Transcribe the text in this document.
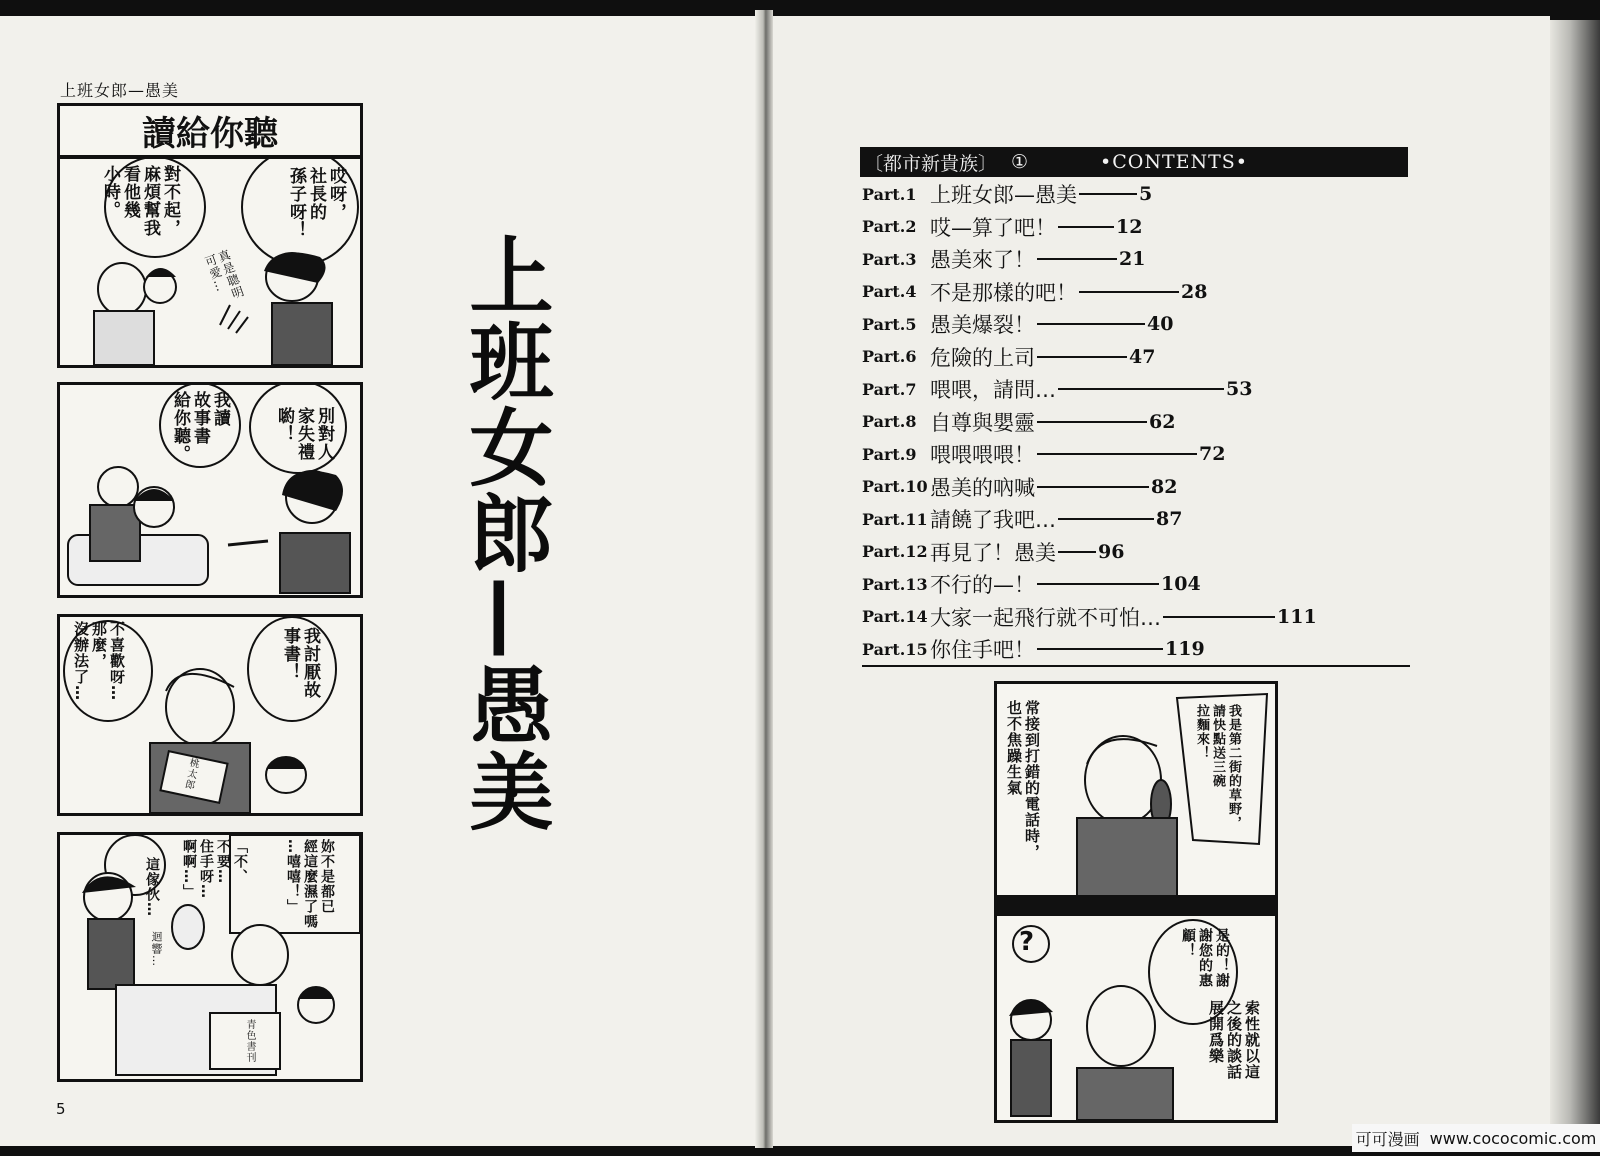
上班女郎—愚美
讀給你聽
哎呀，
社長的
孫子呀！
對不起，
麻煩幫我
看他幾
小時。
真是聰明
可愛…
別對人
家失禮
喲！
我讀
故事書
給你聽。
我討厭故
事書！
不喜歡呀…
那麼，
沒辦法了…
桃太郎
妳不是都已
經這麼濕了嗎
…嘻嘻！」
「不、
不要…
住手呀…
啊啊…」
這傢伙…
迴響…
青色書刊
5
上班女郎—愚美
〔都市新貴族〕 ①	•CONTENTS•
Part.1 上班女郎—愚美	5
Part.2 哎—算了吧！	12
Part.3 愚美來了！	21
Part.4 不是那樣的吧！	28
Part.5 愚美爆裂！	40
Part.6 危險的上司	47
Part.7 喂喂，請問…	53
Part.8 自尊與嬰靈	62
Part.9 喂喂喂喂！	72
Part.10 愚美的吶喊	82
Part.11 請饒了我吧…	87
Part.12 再見了！愚美 96
Part.13 不行的—！	104
Part.14 大家一起飛行就不可怕…	111
Part.15 你住手吧！	119
常接到打錯的電話時，
也不焦躁生氣	我是第二街的草野，
請快點送三碗
拉麵來！
?	是的！謝
謝您的惠
顧！
索性就以這
之後的談話
展開爲樂
可可漫画 www.cococomic.com
